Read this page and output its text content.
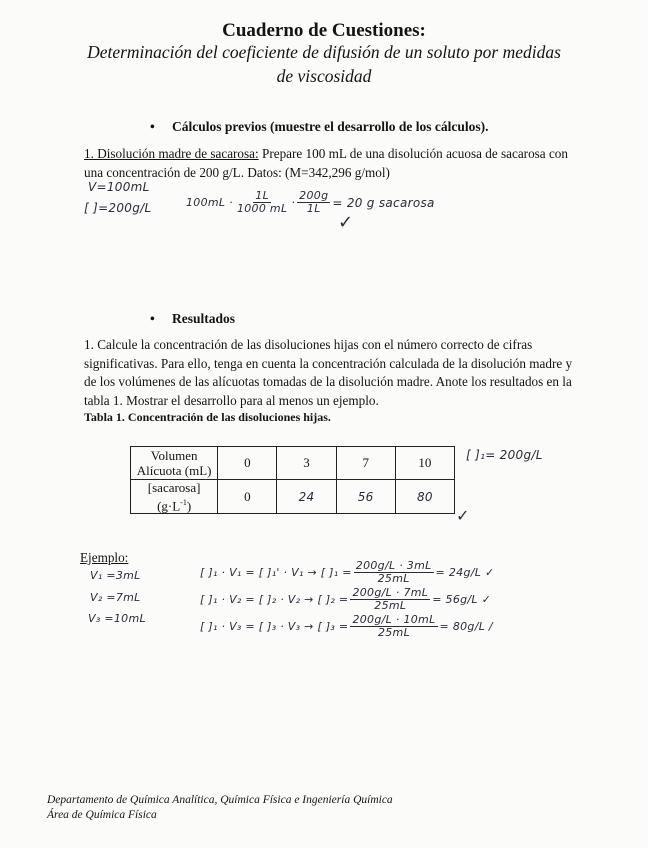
Cuaderno de Cuestiones:
Determinación del coeficiente de difusión de un soluto por medidas
de viscosidad
• Cálculos previos (muestre el desarrollo de los cálculos).
1. Disolución madre de sacarosa: Prepare 100 mL de una disolución acuosa de sacarosa con
una concentración de 200 g/L. Datos: (M=342,296 g/mol)
V=100mL
[ ]=200g/L	$100mL \cdot \frac{1L}{1000 mL} \cdot \frac{200g}{1L} = 20$ g sacarosa
✓
• Resultados
1. Calcule la concentración de las disoluciones hijas con el número correcto de cifras
significativas. Para ello, tenga en cuenta la concentración calculada de la disolución madre y
de los volúmenes de las alícuotas tomadas de la disolución madre. Anote los resultados en la
tabla 1. Mostrar el desarrollo para al menos un ejemplo.
Tabla 1. Concentración de las disoluciones hijas.
Volumen
Alícuota (mL)	0	3	7	10

[sacarosa]
$(g\cdot L^{-1})$	0	24	56	80
[ ]₁= 200g/L
✓
Ejemplo:
V₁ =3mL
V₂ =7mL
V₃ =10mL
[ ]₁ · V₁ = [ ]₁' · V₁ → [ ]$_1 = \frac{200g/L \cdot 3mL}{25mL} = 24g/L$ ✓
[ ]₁ · V₂ = [ ]₂ · V₂ → [ ]$_2 = \frac{200g/L \cdot 7mL}{25mL} = 56g/L$ ✓
[ ]₁ · V₃ = [ ]₃ · V₃ → [ ]$_3 = \frac{200g/L \cdot 10mL}{25mL} = 80g/L$ /
Departamento de Química Analítica, Química Física e Ingeniería Química
Área de Química Física
